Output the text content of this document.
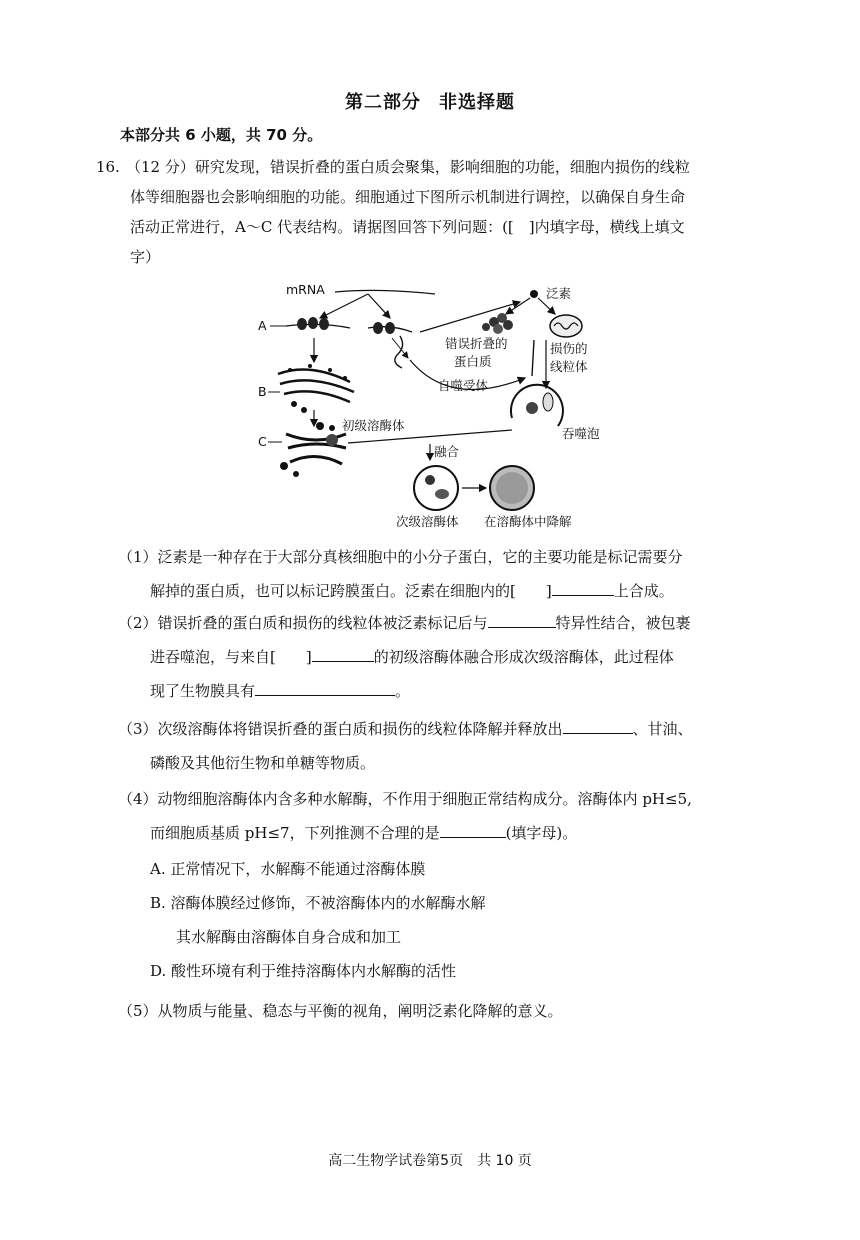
第二部分 非选择题
本部分共 6 小题，共 70 分。
16. （12 分）研究发现，错误折叠的蛋白质会聚集，影响细胞的功能，细胞内损伤的线粒
体等细胞器也会影响细胞的功能。细胞通过下图所示机制进行调控，以确保自身生命
活动正常进行，A～C 代表结构。请据图回答下列问题：([　]内填字母，横线上填文
字）
mRNA
A
泛素
错误折叠的
蛋白质
损伤的
线粒体
自噬受体
吞噬泡
B
C
初级溶酶体
融合
次级溶酶体 在溶酶体中降解
（1）泛素是一种存在于大部分真核细胞中的小分子蛋白，它的主要功能是标记需要分
解掉的蛋白质，也可以标记跨膜蛋白。泛素在细胞内的[　　]	上合成。
（2）错误折叠的蛋白质和损伤的线粒体被泛素标记后与	特异性结合，被包裹
进吞噬泡，与来自[　　]	的初级溶酶体融合形成次级溶酶体，此过程体
现了生物膜具有	。
（3）次级溶酶体将错误折叠的蛋白质和损伤的线粒体降解并释放出	、甘油、
磷酸及其他衍生物和单糖等物质。
（4）动物细胞溶酶体内含多种水解酶，不作用于细胞正常结构成分。溶酶体内 pH≤5,
而细胞质基质 pH≤7，下列推测不合理的是	(填字母)。
A. 正常情况下，水解酶不能通过溶酶体膜
B. 溶酶体膜经过修饰，不被溶酶体内的水解酶水解
其水解酶由溶酶体自身合成和加工
D. 酸性环境有利于维持溶酶体内水解酶的活性
（5）从物质与能量、稳态与平衡的视角，阐明泛素化降解的意义。
高二生物学试卷第5页　共 10 页
